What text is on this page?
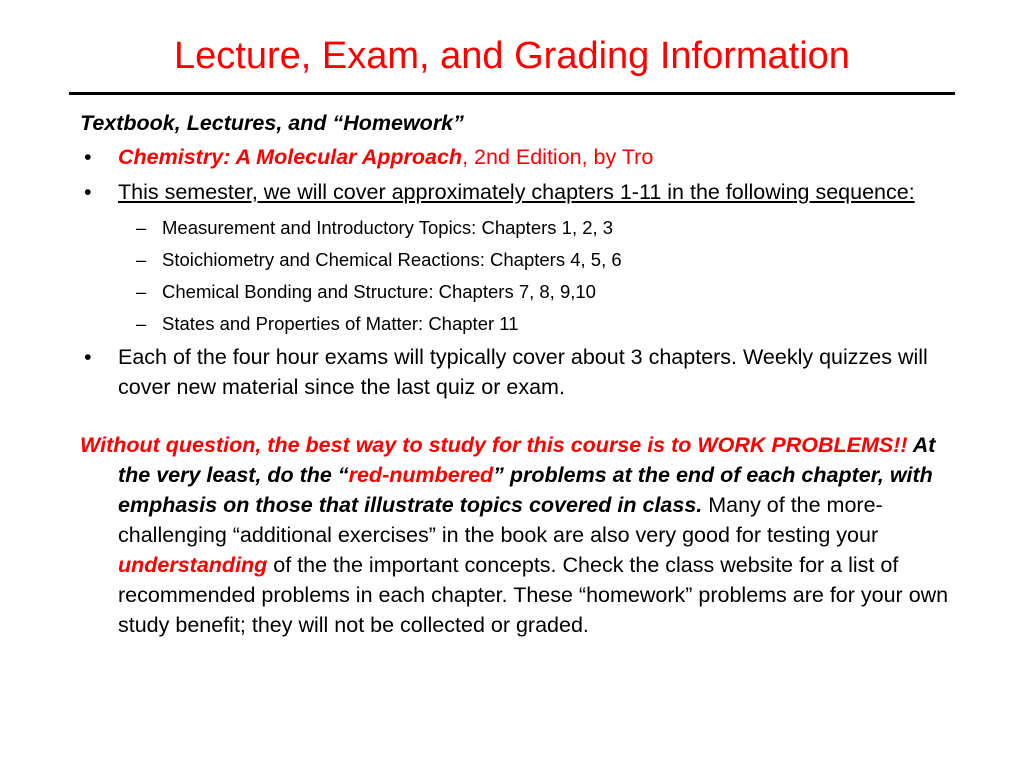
Lecture, Exam, and Grading Information
Textbook, Lectures, and “Homework”
• Chemistry: A Molecular Approach, 2nd Edition, by Tro
• This semester, we will cover approximately chapters 1-11 in the following sequence:
– Measurement and Introductory Topics: Chapters 1, 2, 3
– Stoichiometry and Chemical Reactions: Chapters 4, 5, 6
– Chemical Bonding and Structure: Chapters 7, 8, 9,10
– States and Properties of Matter: Chapter 11
• Each of the four hour exams will typically cover about 3 chapters. Weekly quizzes will cover new material since the last quiz or exam.
Without question, the best way to study for this course is to WORK PROBLEMS!! At the very least, do the “red-numbered” problems at the end of each chapter, with emphasis on those that illustrate topics covered in class. Many of the more-challenging “additional exercises” in the book are also very good for testing your understanding of the the important concepts. Check the class website for a list of recommended problems in each chapter. These “homework” problems are for your own study benefit; they will not be collected or graded.
